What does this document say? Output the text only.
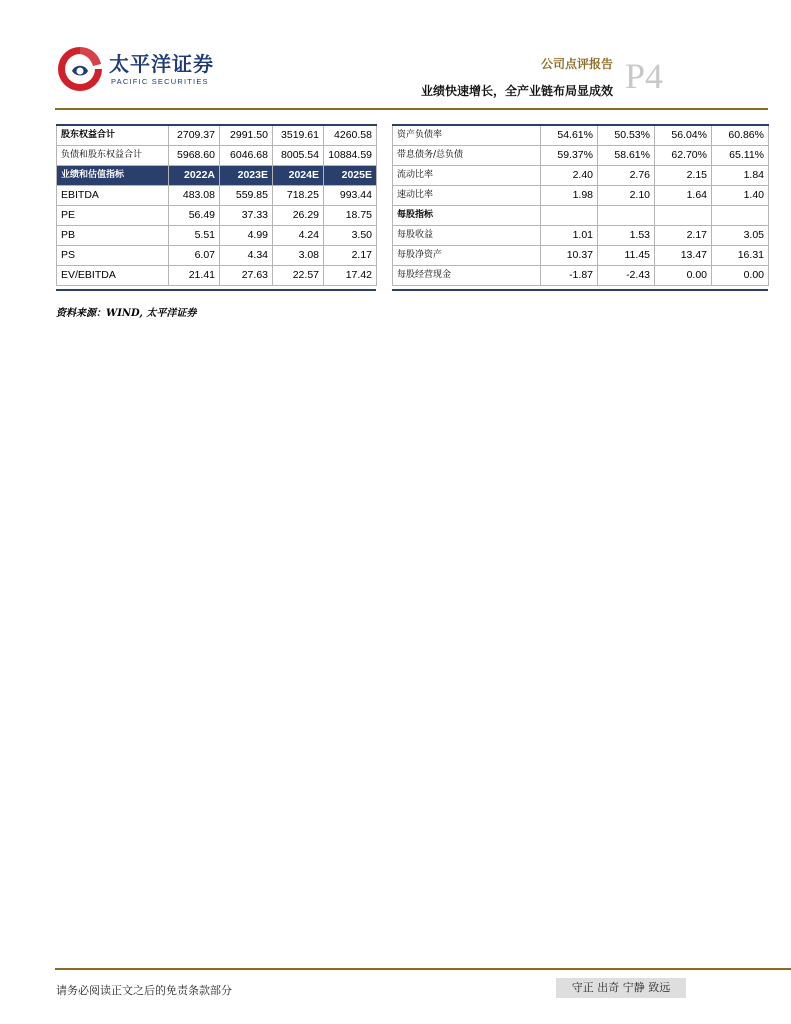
太平洋证券
PACIFIC SECURITIES
公司点评报告
业绩快速增长，全产业链布局显成效 P4
股东权益合计	2709.37	2991.50	3519.61	4260.58
负债和股东权益合计	5968.60	6046.68	8005.54	10884.59
业绩和估值指标	2022A	2023E	2024E	2025E
EBITDA	483.08	559.85	718.25	993.44
PE	56.49	37.33	26.29	18.75
PB	5.51	4.99	4.24	3.50
PS	6.07	4.34	3.08	2.17
EV/EBITDA	21.41	27.63	22.57	17.42
资产负债率	54.61%	50.53%	56.04%	60.86%
带息债务/总负债	59.37%	58.61%	62.70%	65.11%
流动比率	2.40	2.76	2.15	1.84
速动比率	1.98	2.10	1.64	1.40
每股指标				
每股收益	1.01	1.53	2.17	3.05
每股净资产	10.37	11.45	13.47	16.31
每股经营现金	-1.87	-2.43	0.00	0.00
资料来源：WIND, 太平洋证券
请务必阅读正文之后的免责条款部分	守正 出奇 宁静 致远
